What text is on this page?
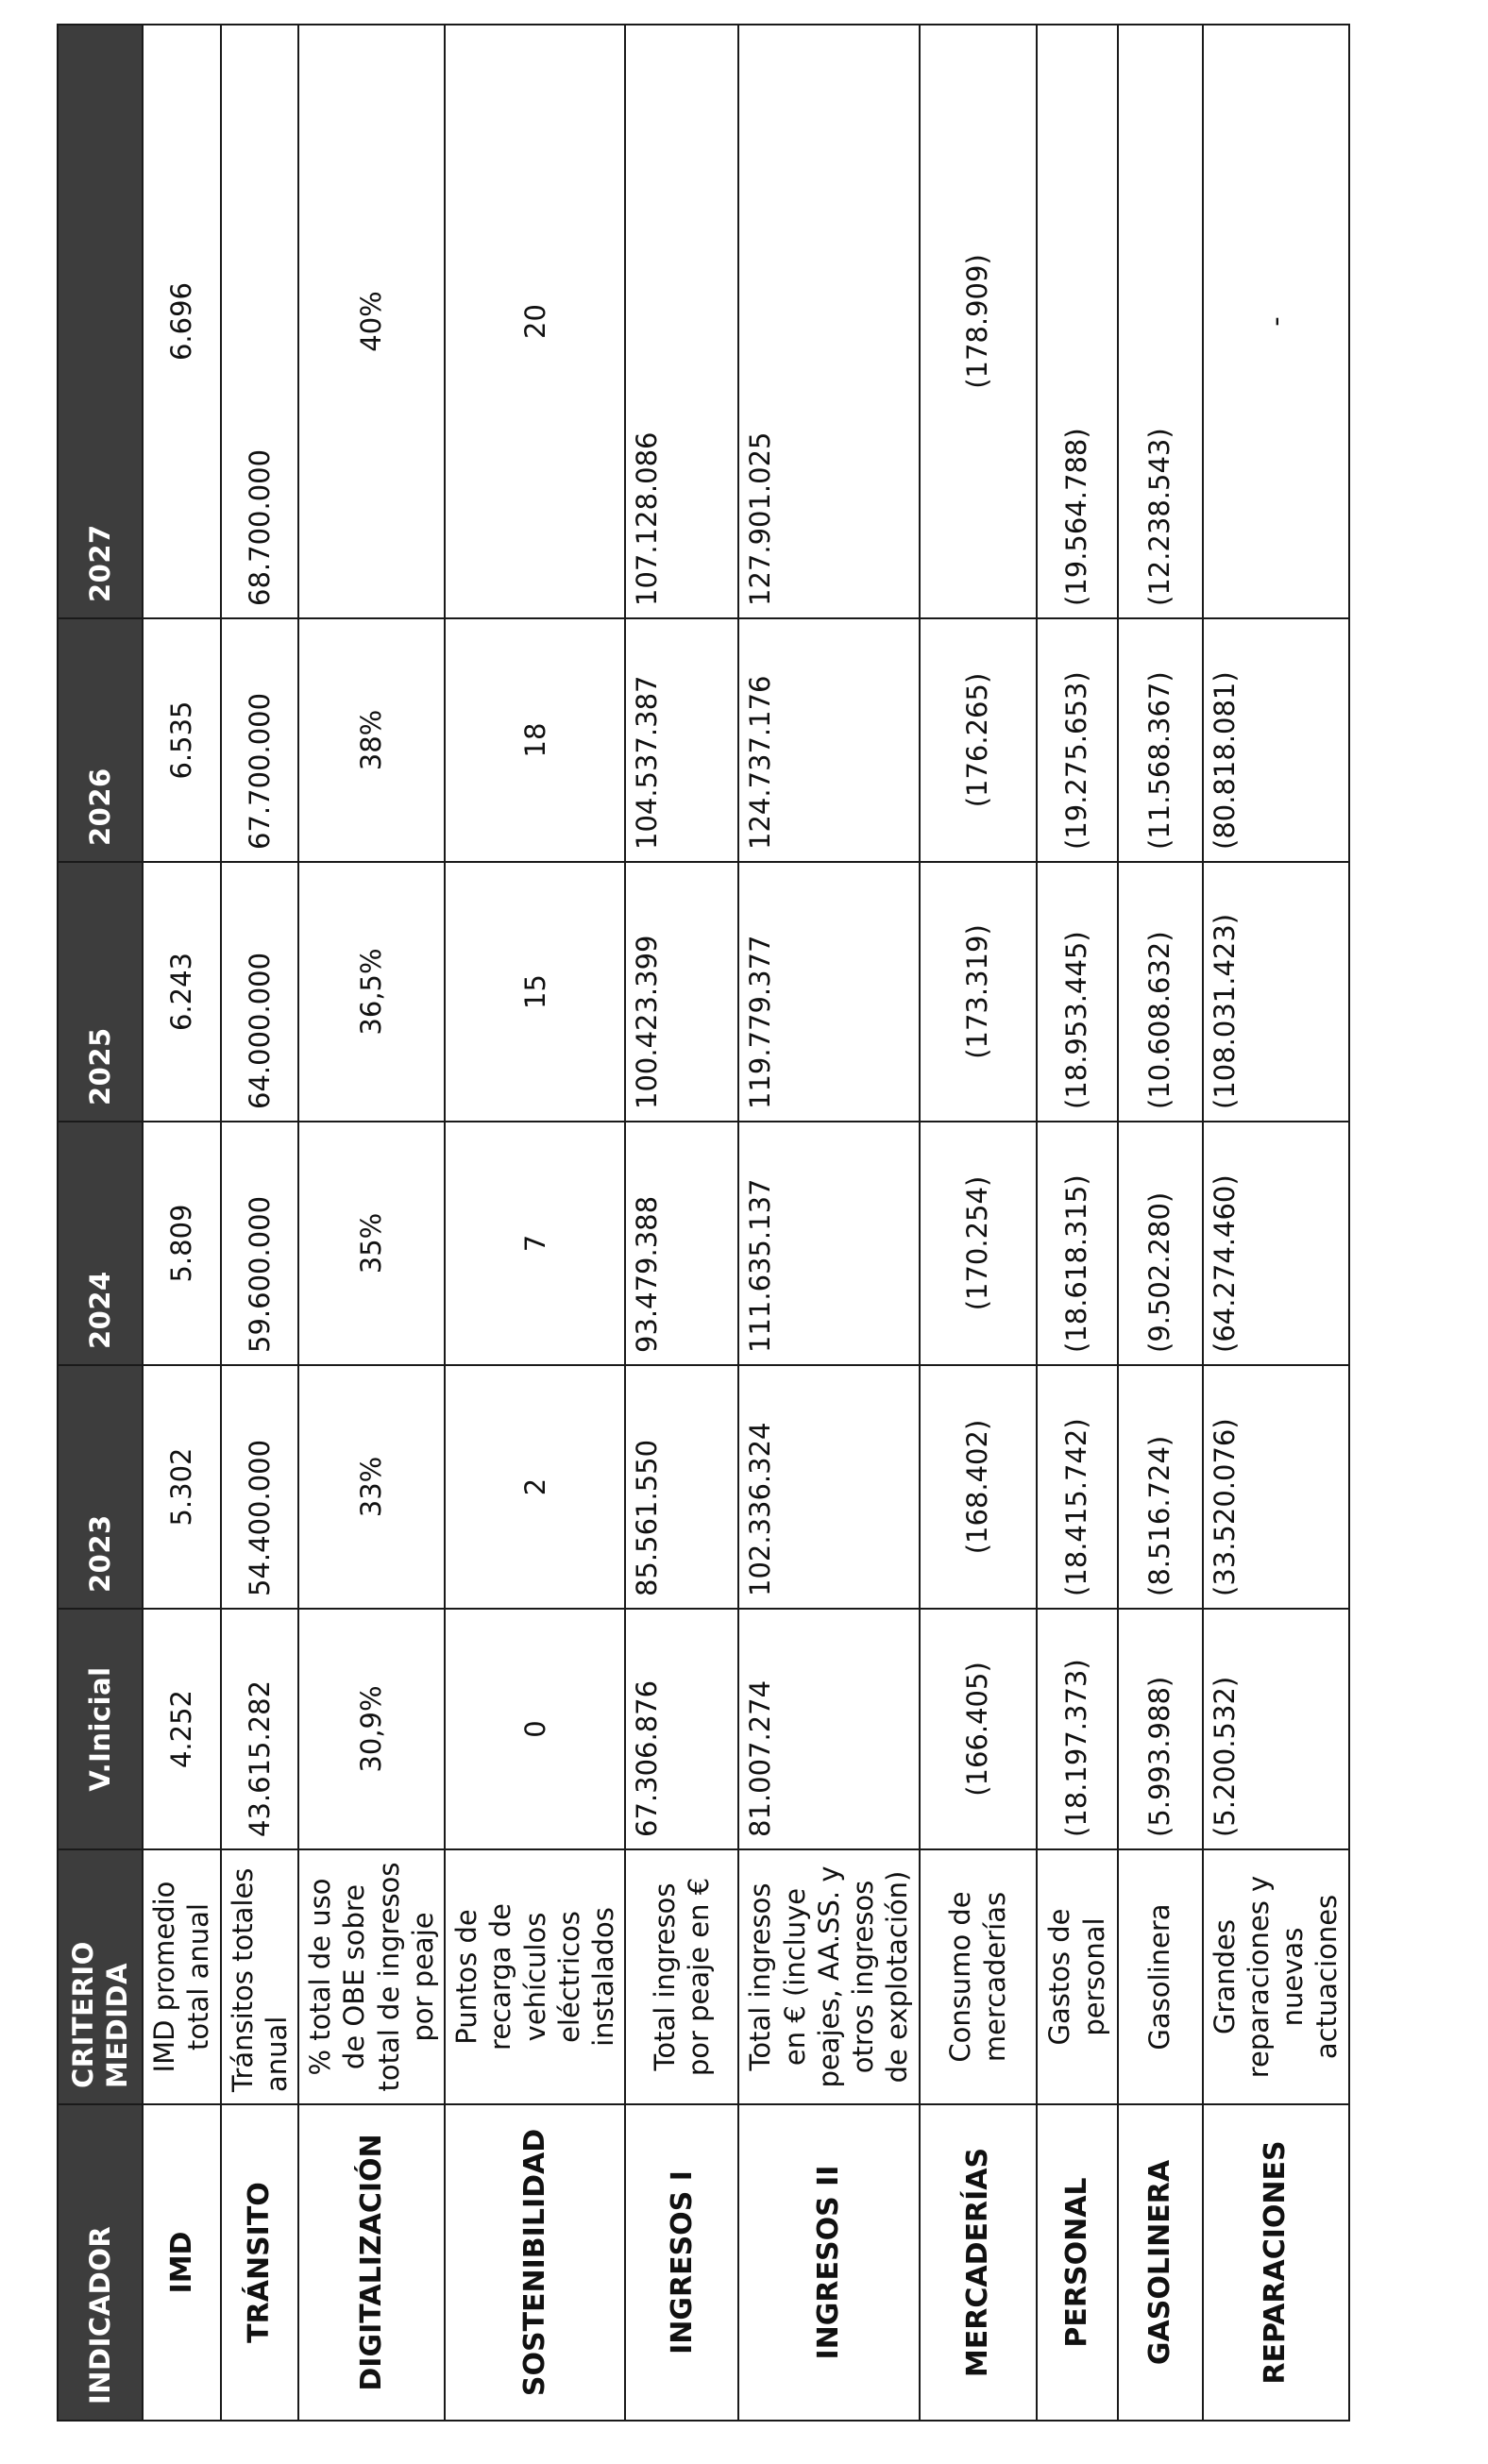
INDICADOR	CRITERIO MEDIDA	V.Inicial	2023	2024	2025	2026	2027
IMD	IMD promedio total anual	4.252	5.302	5.809	6.243	6.535	6.696
TRÁNSITO	Tránsitos totales anual	43.615.282	54.400.000	59.600.000	64.000.000	67.700.000	68.700.000
DIGITALIZACIÓN	% total de uso de OBE sobre total de ingresos por peaje	30,9%	33%	35%	36,5%	38%	40%
SOSTENIBILIDAD	Puntos de recarga de vehículos eléctricos instalados	0	2	7	15	18	20
INGRESOS I	Total ingresos por peaje en €	67.306.876	85.561.550	93.479.388	100.423.399	104.537.387	107.128.086
INGRESOS II	Total ingresos en € (incluye peajes, AA.SS. y otros ingresos de explotación)	81.007.274	102.336.324	111.635.137	119.779.377	124.737.176	127.901.025
MERCADERÍAS	Consumo de mercaderías	(166.405)	(168.402)	(170.254)	(173.319)	(176.265)	(178.909)
PERSONAL	Gastos de personal	(18.197.373)	(18.415.742)	(18.618.315)	(18.953.445)	(19.275.653)	(19.564.788)
GASOLINERA	Gasolinera	(5.993.988)	(8.516.724)	(9.502.280)	(10.608.632)	(11.568.367)	(12.238.543)
REPARACIONES	Grandes reparaciones y nuevas actuaciones	(5.200.532)	(33.520.076)	(64.274.460)	(108.031.423)	(80.818.081)	-
